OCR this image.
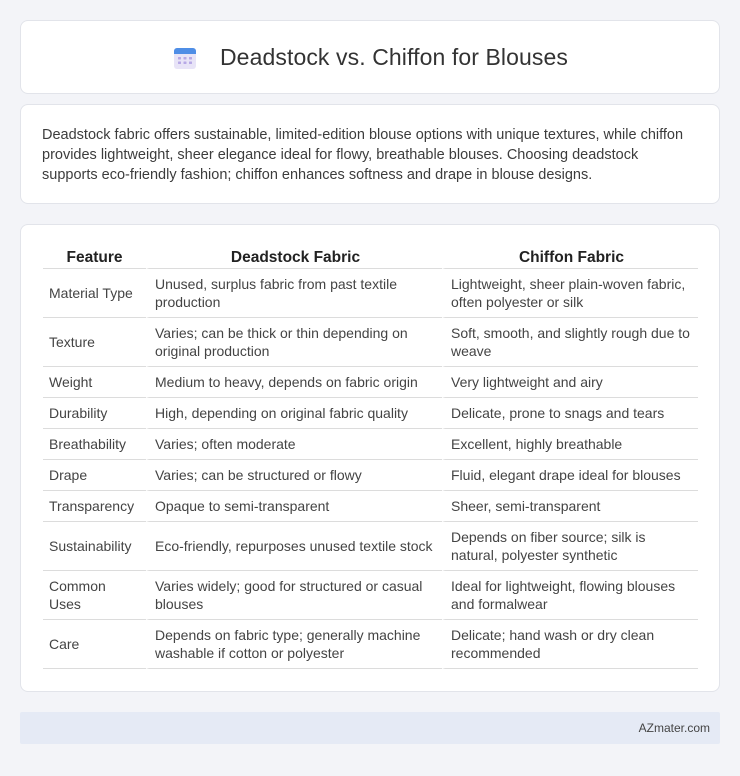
Deadstock vs. Chiffon for Blouses

Deadstock fabric offers sustainable, limited-edition blouse options with unique textures, while chiffon provides lightweight, sheer elegance ideal for flowy, breathable blouses. Choosing deadstock supports eco-friendly fashion; chiffon enhances softness and drape in blouse designs.

Feature	Deadstock Fabric	Chiffon Fabric
Material Type	Unused, surplus fabric from past textile production	Lightweight, sheer plain-woven fabric, often polyester or silk
Texture	Varies; can be thick or thin depending on original production	Soft, smooth, and slightly rough due to weave
Weight	Medium to heavy, depends on fabric origin	Very lightweight and airy
Durability	High, depending on original fabric quality	Delicate, prone to snags and tears
Breathability	Varies; often moderate	Excellent, highly breathable
Drape	Varies; can be structured or flowy	Fluid, elegant drape ideal for blouses
Transparency	Opaque to semi-transparent	Sheer, semi-transparent
Sustainability	Eco-friendly, repurposes unused textile stock	Depends on fiber source; silk is natural, polyester synthetic
Common Uses	Varies widely; good for structured or casual blouses	Ideal for lightweight, flowing blouses and formalwear
Care	Depends on fabric type; generally machine washable if cotton or polyester	Delicate; hand wash or dry clean recommended
AZmater.com
